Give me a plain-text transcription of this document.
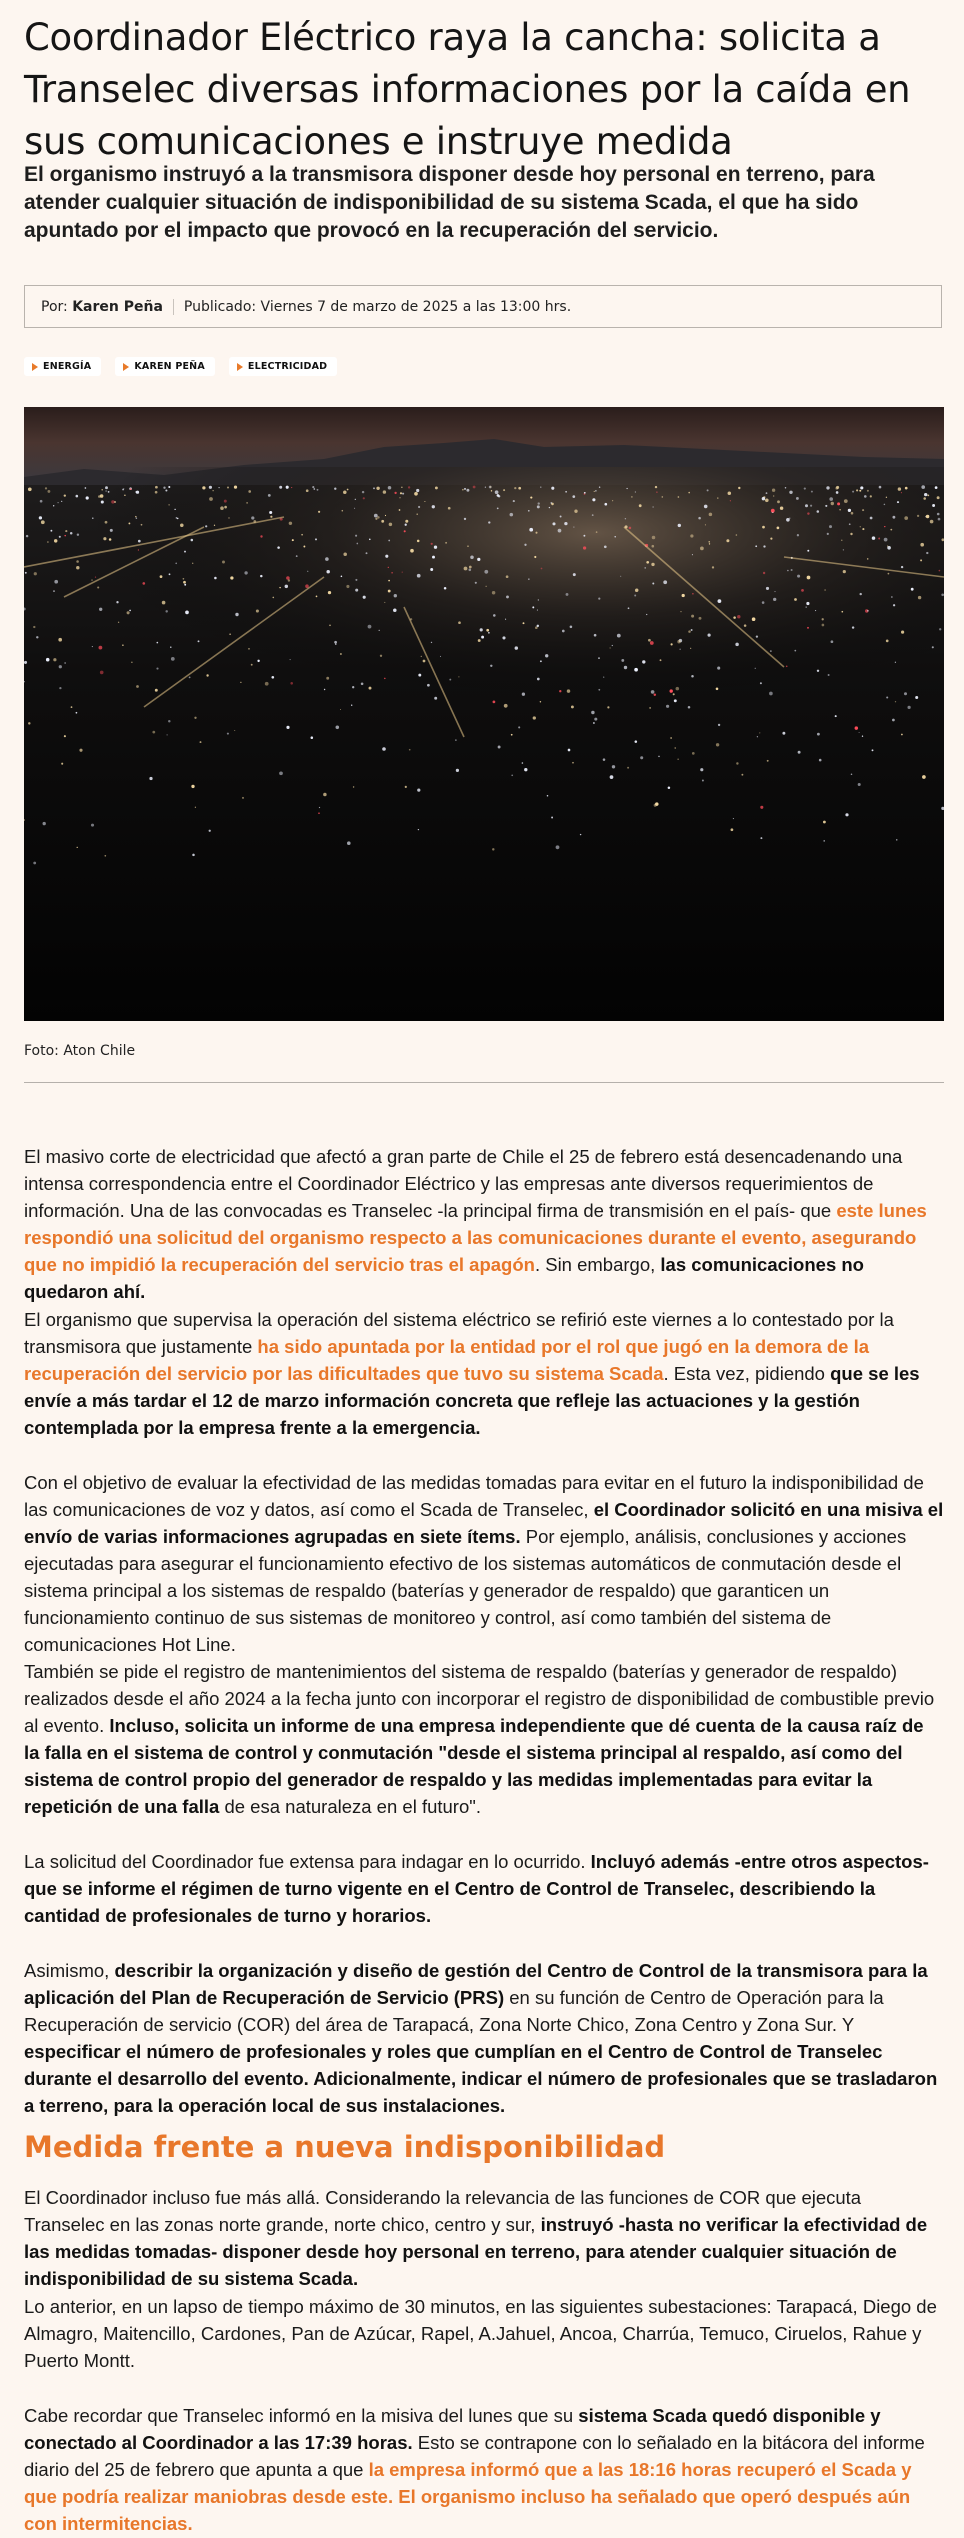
Coordinador Eléctrico raya la cancha: solicita a Transelec diversas informaciones por la caída en sus comunicaciones e instruye medida

El organismo instruyó a la transmisora disponer desde hoy personal en terreno, para atender cualquier situación de indisponibilidad de su sistema Scada, el que ha sido apuntado por el impacto que provocó en la recuperación del servicio.

Por:
Karen Peña Publicado: Viernes 7 de marzo de 2025 a las 13:00 hrs.
ENERGÍA	KAREN PEÑA	ELECTRICIDAD
Foto: Aton Chile

El masivo corte de electricidad que afectó a gran parte de Chile el 25 de febrero está desencadenando una intensa correspondencia entre el Coordinador Eléctrico y las empresas ante diversos requerimientos de información. Una de las convocadas es Transelec -la principal firma de transmisión en el país- que este lunes respondió una solicitud del organismo respecto a las comunicaciones durante el evento, asegurando que no impidió la recuperación del servicio tras el apagón. Sin embargo, las comunicaciones no quedaron ahí.

El organismo que supervisa la operación del sistema eléctrico se refirió este viernes a lo contestado por la transmisora que justamente ha sido apuntada por la entidad por el rol que jugó en la demora de la recuperación del servicio por las dificultades que tuvo su sistema Scada. Esta vez, pidiendo que se les envíe a más tardar el 12 de marzo información concreta que refleje las actuaciones y la gestión contemplada por la empresa frente a la emergencia.

Con el objetivo de evaluar la efectividad de las medidas tomadas para evitar en el futuro la indisponibilidad de las comunicaciones de voz y datos, así como el Scada de Transelec, el Coordinador solicitó en una misiva el envío de varias informaciones agrupadas en siete ítems. Por ejemplo, análisis, conclusiones y acciones ejecutadas para asegurar el funcionamiento efectivo de los sistemas automáticos de conmutación desde el sistema principal a los sistemas de respaldo (baterías y generador de respaldo) que garanticen un funcionamiento continuo de sus sistemas de monitoreo y control, así como también del sistema de comunicaciones Hot Line.

También se pide el registro de mantenimientos del sistema de respaldo (baterías y generador de respaldo) realizados desde el año 2024 a la fecha junto con incorporar el registro de disponibilidad de combustible previo al evento. Incluso, solicita un informe de una empresa independiente que dé cuenta de la causa raíz de la falla en el sistema de control y conmutación "desde el sistema principal al respaldo, así como del sistema de control propio del generador de respaldo y las medidas implementadas para evitar la repetición de una falla de esa naturaleza en el futuro".

La solicitud del Coordinador fue extensa para indagar en lo ocurrido. Incluyó además -entre otros aspectos- que se informe el régimen de turno vigente en el Centro de Control de Transelec, describiendo la cantidad de profesionales de turno y horarios.

Asimismo, describir la organización y diseño de gestión del Centro de Control de la transmisora para la aplicación del Plan de Recuperación de Servicio (PRS) en su función de Centro de Operación para la Recuperación de servicio (COR) del área de Tarapacá, Zona Norte Chico, Zona Centro y Zona Sur. Y especificar el número de profesionales y roles que cumplían en el Centro de Control de Transelec durante el desarrollo del evento. Adicionalmente, indicar el número de profesionales que se trasladaron a terreno, para la operación local de sus instalaciones.

Medida frente a nueva indisponibilidad

El Coordinador incluso fue más allá. Considerando la relevancia de las funciones de COR que ejecuta Transelec en las zonas norte grande, norte chico, centro y sur, instruyó -hasta no verificar la efectividad de las medidas tomadas- disponer desde hoy personal en terreno, para atender cualquier situación de indisponibilidad de su sistema Scada.

Lo anterior, en un lapso de tiempo máximo de 30 minutos, en las siguientes subestaciones: Tarapacá, Diego de Almagro, Maitencillo, Cardones, Pan de Azúcar, Rapel, A.Jahuel, Ancoa, Charrúa, Temuco, Ciruelos, Rahue y Puerto Montt.

Cabe recordar que Transelec informó en la misiva del lunes que su sistema Scada quedó disponible y conectado al Coordinador a las 17:39 horas. Esto se contrapone con lo señalado en la bitácora del informe diario del 25 de febrero que apunta a que la empresa informó que a las 18:16 horas recuperó el Scada y que podría realizar maniobras desde este. El organismo incluso ha señalado que operó después aún con intermitencias.
